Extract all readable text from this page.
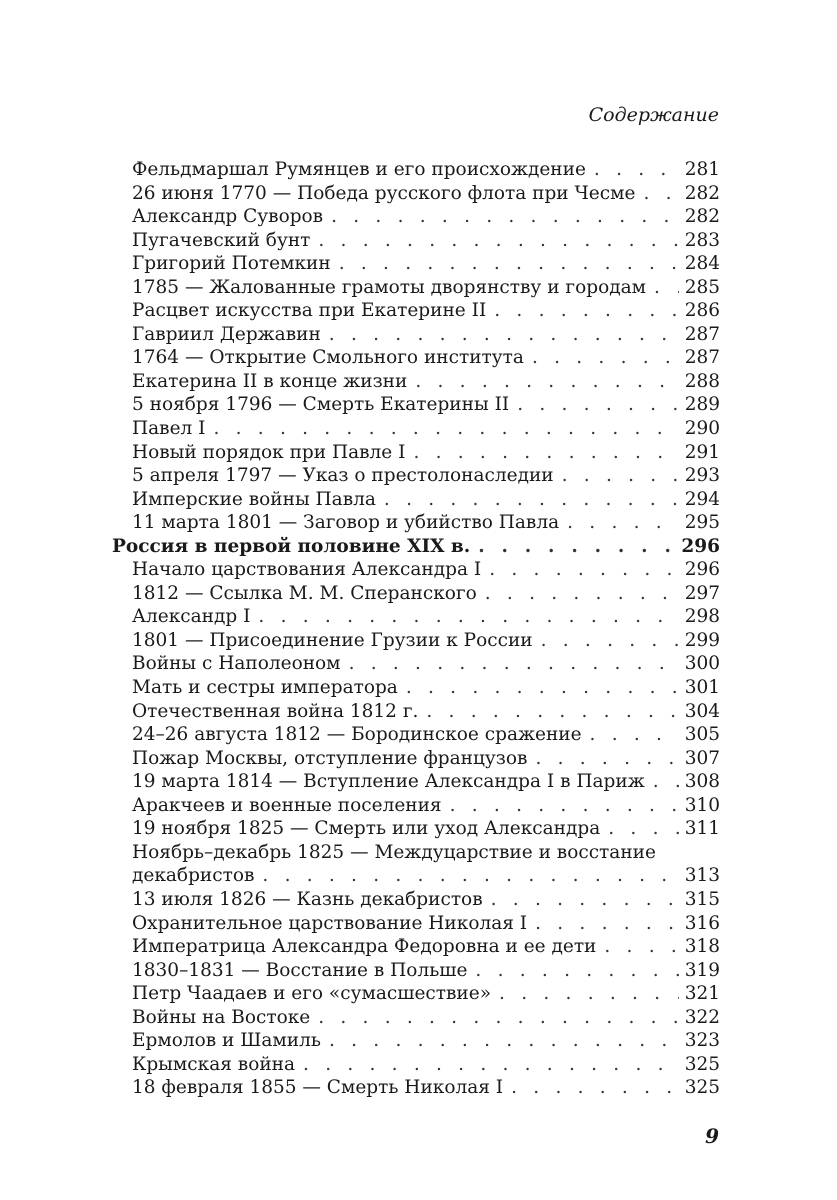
Содержание
Фельдмаршал Румянцев и его происхождение . . .	281
26 июня 1770 — Победа русского флота при Чесме . . .	282
Александр Суворов . . .	282
Пугачевский бунт . . .	283
Григорий Потемкин . . .	284
1785 — Жалованные грамоты дворянству и городам . . . 285
Расцвет искусства при Екатерине II . . .	286
Гавриил Державин . . .	287
1764 — Открытие Смольного института . . .	287
Екатерина II в конце жизни . . .	288
5 ноября 1796 — Смерть Екатерины II . . .	289
Павел I . . .	290
Новый порядок при Павле I . . .	291
5 апреля 1797 — Указ о престолонаследии . . .	293
Имперские войны Павла . . .	294
11 марта 1801 — Заговор и убийство Павла . . .	295
Россия в первой половине XIX в. . . .	296
Начало царствования Александра I . . .	296
1812 — Ссылка М. М. Сперанского . . .	297
Александр I . . .	298
1801 — Присоединение Грузии к России . . .	299
Войны с Наполеоном . . .	300
Мать и сестры императора . . .	301
Отечественная война 1812 г. . . .	304
24–26 августа 1812 — Бородинское сражение . . .	305
Пожар Москвы, отступление французов . . .	307
19 марта 1814 — Вступление Александра I в Париж . . . 308
Аракчеев и военные поселения . . .	310
19 ноября 1825 — Смерть или уход Александра . . .	311
Ноябрь–декабрь 1825 — Междуцарствие и восстание
декабристов . . .	313
13 июля 1826 — Казнь декабристов . . .	315
Охранительное царствование Николая I . . .	316
Императрица Александра Федоровна и ее дети . . .	318
1830–1831 — Восстание в Польше . . .	319
Петр Чаадаев и его «сумасшествие» . . .	321
Войны на Востоке . . .	322
Ермолов и Шамиль . . .	323
Крымская война . . .	325
18 февраля 1855 — Смерть Николая I . . .	325
9
